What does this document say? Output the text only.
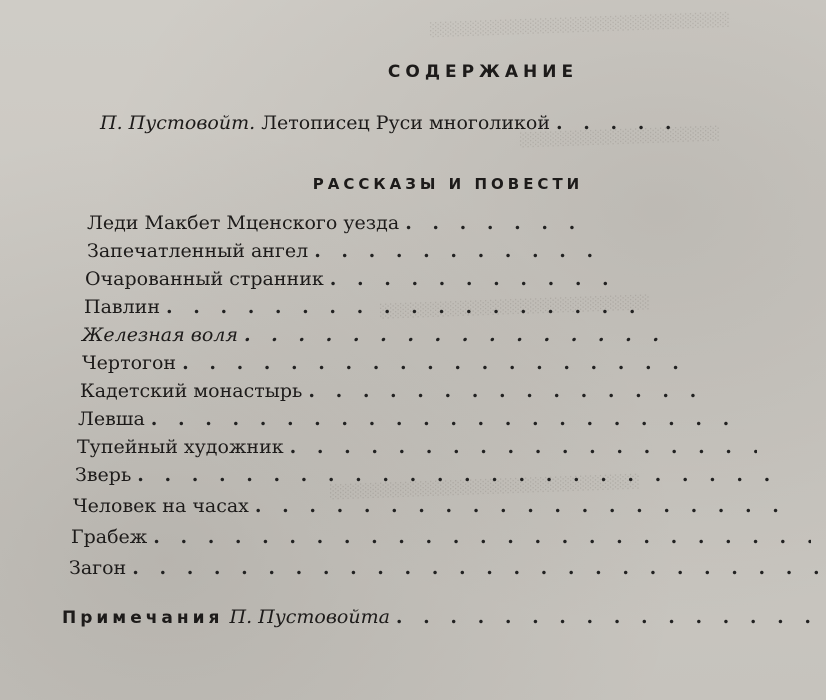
░░░░░░░░░░░░░░░░░░░░░░░░░░░░░░
░░░░░░░░░░░░░░░░░░░░
░░░░░░░░░░░░░░░░░░░░░░░░░░░
░░░░░░░░░░░░░░░░░░░░░░░░░░░░░░░
СОДЕРЖАНИЕ
П. Пустовойт. Летописец Руси многоликой
. . .
РАССКАЗЫ И ПОВЕСТИ
Леди Макбет Мценского уезда
. . .
Запечатленный ангел
. . .
Очарованный странник
. . .
Павлин
. . .
Железная воля
. . .
Чертогон
. . .
Кадетский монастырь
. . .
Левша
. . .
Тупейный художник
. . .
Зверь
. . .
Человек на часах
. . .
Грабеж
. . .
Загон
. . .
Примечания П. Пустовойта
. . .
